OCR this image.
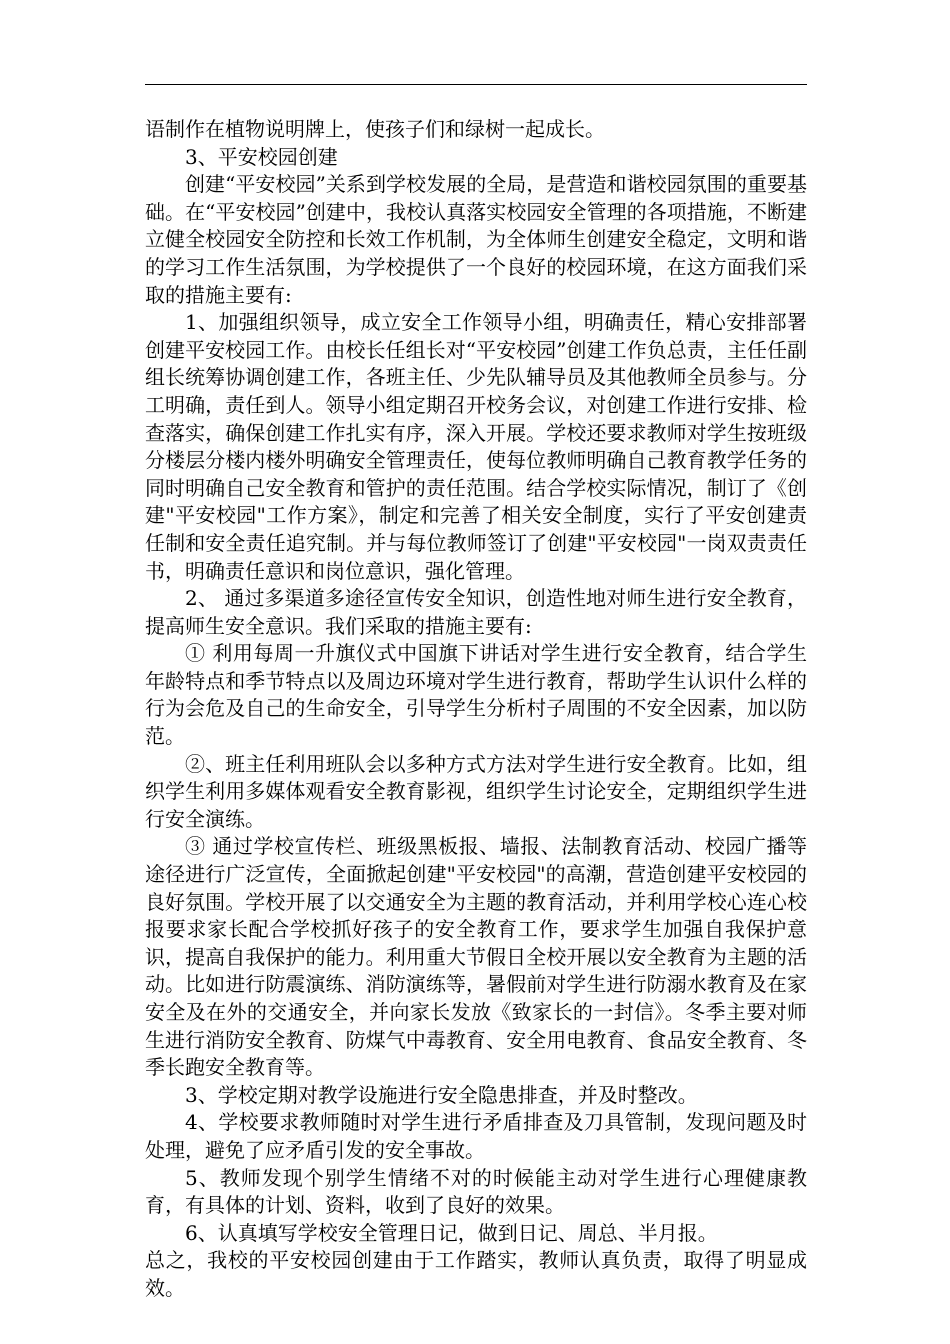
语制作在植物说明牌上，使孩子们和绿树一起成长。

3、平安校园创建

创建“平安校园”关系到学校发展的全局，是营造和谐校园氛围的重要基础。在“平安校园”创建中，我校认真落实校园安全管理的各项措施，不断建立健全校园安全防控和长效工作机制，为全体师生创建安全稳定，文明和谐的学习工作生活氛围，为学校提供了一个良好的校园环境，在这方面我们采取的措施主要有:

1、加强组织领导，成立安全工作领导小组，明确责任，精心安排部署创建平安校园工作。由校长任组长对“平安校园”创建工作负总责，主任任副组长统筹协调创建工作，各班主任、少先队辅导员及其他教师全员参与。分工明确，责任到人。领导小组定期召开校务会议，对创建工作进行安排、检查落实，确保创建工作扎实有序，深入开展。学校还要求教师对学生按班级分楼层分楼内楼外明确安全管理责任，使每位教师明确自己教育教学任务的同时明确自己安全教育和管护的责任范围。结合学校实际情况，制订了《创建"平安校园"工作方案》，制定和完善了相关安全制度，实行了平安创建责任制和安全责任追究制。并与每位教师签订了创建"平安校园"一岗双责责任书，明确责任意识和岗位意识，强化管理。

2、 通过多渠道多途径宣传安全知识，创造性地对师生进行安全教育，提高师生安全意识。我们采取的措施主要有:

① 利用每周一升旗仪式中国旗下讲话对学生进行安全教育，结合学生年龄特点和季节特点以及周边环境对学生进行教育，帮助学生认识什么样的行为会危及自己的生命安全，引导学生分析村子周围的不安全因素，加以防范。

②、班主任利用班队会以多种方式方法对学生进行安全教育。比如，组织学生利用多媒体观看安全教育影视，组织学生讨论安全，定期组织学生进行安全演练。

③ 通过学校宣传栏、班级黑板报、墙报、法制教育活动、校园广播等途径进行广泛宣传，全面掀起创建"平安校园"的高潮，营造创建平安校园的良好氛围。学校开展了以交通安全为主题的教育活动，并利用学校心连心校报要求家长配合学校抓好孩子的安全教育工作，要求学生加强自我保护意识，提高自我保护的能力。利用重大节假日全校开展以安全教育为主题的活动。比如进行防震演练、消防演练等，暑假前对学生进行防溺水教育及在家安全及在外的交通安全，并向家长发放《致家长的一封信》。冬季主要对师生进行消防安全教育、防煤气中毒教育、安全用电教育、食品安全教育、冬季长跑安全教育等。

3、学校定期对教学设施进行安全隐患排查，并及时整改。

4、学校要求教师随时对学生进行矛盾排查及刀具管制，发现问题及时处理，避免了应矛盾引发的安全事故。

5、教师发现个别学生情绪不对的时候能主动对学生进行心理健康教育，有具体的计划、资料，收到了良好的效果。

6、认真填写学校安全管理日记，做到日记、周总、半月报。

总之，我校的平安校园创建由于工作踏实，教师认真负责，取得了明显成效。
